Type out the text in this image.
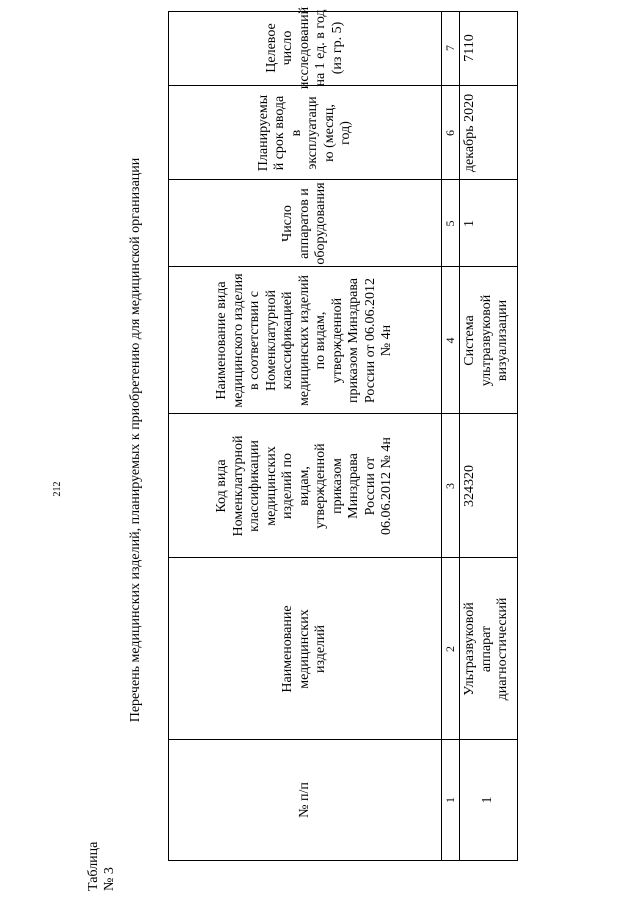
212
Таблица
№ 3
Перечень медицинских изделий, планируемых к приобретению для медицинской организации
№ п/п
Наименование
медицинских
изделий
Код вида
Номенклатурной
классификации
медицинских
изделий по
видам,
утвержденной
приказом
Минздрава
России от
06.06.2012 № 4н
Наименование вида
медицинского изделия
в соответствии с
Номенклатурной
классификацией
медицинских изделий
по видам,
утвержденной
приказом Минздрава
России от 06.06.2012
№ 4н
Число
аппаратов и
оборудования
Планируемы
й срок ввода
в
эксплуатаци
ю (месяц,
год)
Целевое число
исследований
на 1 ед. в год
(из гр. 5)
1
2
3
4
5
6
7
1
Ультразвуковой
аппарат
диагностический
324320
Система
ультразвуковой
визуализации
1
декабрь 2020
7110
